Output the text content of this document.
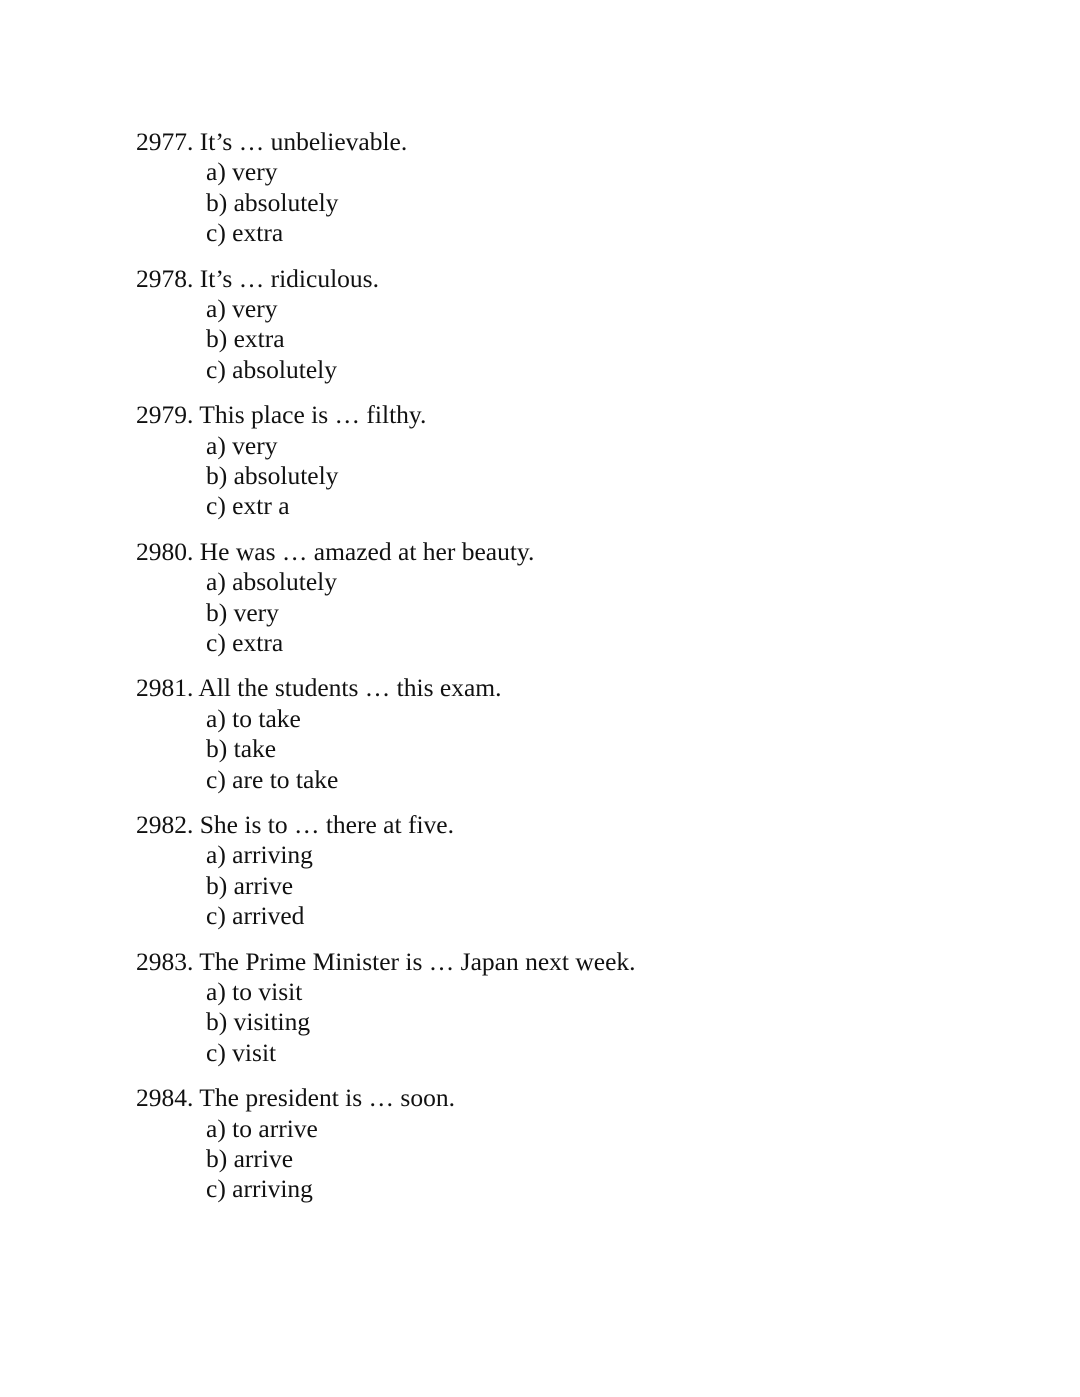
2977. It’s … unbelievable.
a) very
b) absolutely
c) extra
2978. It’s … ridiculous.
a) very
b) extra
c) absolutely
2979. This place is … filthy.
a) very
b) absolutely
c) extr a
2980. He was … amazed at her beauty.
a) absolutely
b) very
c) extra
2981. All the students … this exam.
a) to take
b) take
c) are to take
2982. She is to … there at five.
a) arriving
b) arrive
c) arrived
2983. The Prime Minister is … Japan next week.
a) to visit
b) visiting
c) visit
2984. The president is … soon.
a) to arrive
b) arrive
c) arriving
